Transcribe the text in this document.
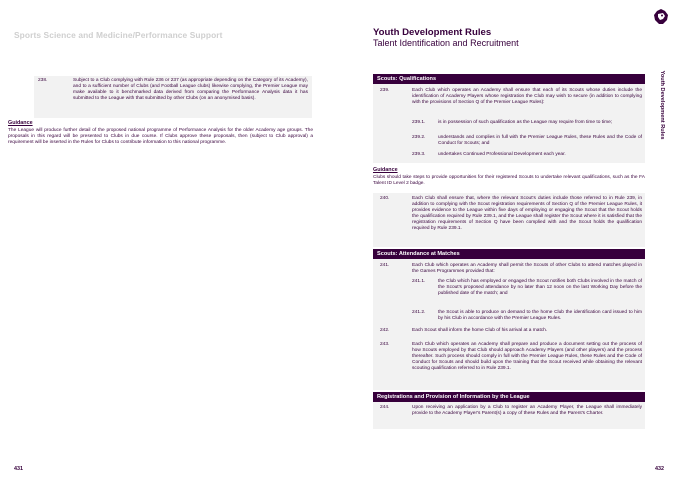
Sports Science and Medicine/Performance Support	Youth Development Rules
Talent Identification and Recruitment
Youth Development Rules
238.	Subject to a Club complying with Rule 236 or 237 (as appropriate depending on the Category of its Academy), and to a sufficient number of Clubs (and Football League clubs) likewise complying, the Premier League may make available to it benchmarked data derived from comparing the Performance Analysis data it has submitted to the League with that submitted by other Clubs (on an anonymised basis).
Guidance
The League will produce further detail of the proposed national programme of Performance Analysis for the older Academy age groups. The proposals in this regard will be presented to Clubs in due course. If Clubs approve these proposals, then (subject to Club approval) a requirement will be inserted in the Rules for Clubs to contribute information to this national programme.
Scouts: Qualifications
239.	Each Club which operates an Academy shall ensure that each of its Scouts whose duties include the identification of Academy Players whose registration the Club may wish to secure (in addition to complying with the provisions of Section Q of the Premier League Rules):
239.1.	is in possession of such qualification as the League may require from time to time;
239.2.	understands and complies in full with the Premier League Rules, these Rules and the Code of Conduct for Scouts; and
239.3.	undertakes Continued Professional Development each year.
Guidance
Clubs should take steps to provide opportunities for their registered Scouts to undertake relevant qualifications, such as the FA Talent ID Level 2 badge.
240.	Each Club shall ensure that, where the relevant Scout's duties include those referred to in Rule 239, in addition to complying with the Scout registration requirements of Section Q of the Premier League Rules, it provides evidence to the League within five days of employing or engaging the Scout that the Scout holds the qualification required by Rule 239.1, and the League shall register the Scout where it is satisfied that the registration requirements of Section Q have been complied with and the Scout holds the qualification required by Rule 239.1.
Scouts: Attendance at Matches
241.	Each Club which operates an Academy shall permit the Scouts of other Clubs to attend matches played in the Games Programmes provided that:
241.1.	the Club which has employed or engaged the Scout notifies both Clubs involved in the match of the Scout's proposed attendance by no later than 12 noon on the last Working Day before the published date of the match; and
241.2.	the Scout is able to produce on demand to the home Club the identification card issued to him by his Club in accordance with the Premier League Rules.
242.	Each Scout shall inform the home Club of his arrival at a match.
243.	Each Club which operates an Academy shall prepare and produce a document setting out the process of how Scouts employed by that Club should approach Academy Players (and other players) and the process thereafter. Such process should comply in full with the Premier League Rules, these Rules and the Code of Conduct for Scouts and should build upon the training that the Scout received while obtaining the relevant scouting qualification referred to in Rule 239.1.
Registrations and Provision of Information by the League
244.	Upon receiving an application by a Club to register an Academy Player, the League shall immediately provide to the Academy Player's Parent(s) a copy of these Rules and the Parent's Charter.
431	432
